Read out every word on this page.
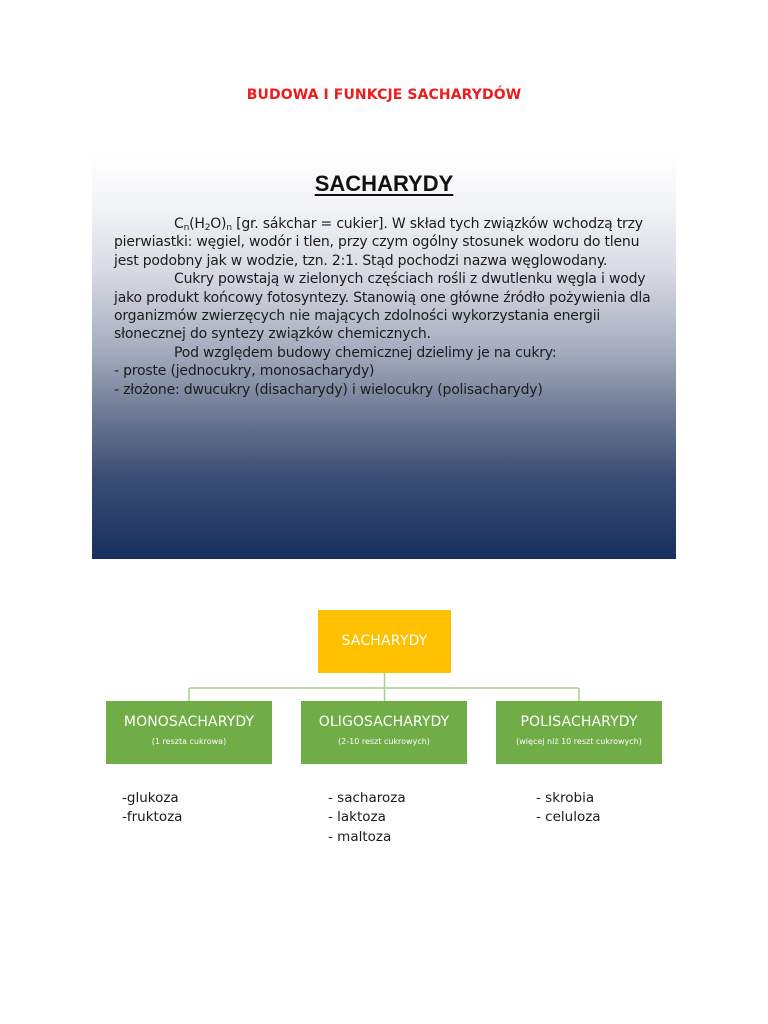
BUDOWA I FUNKCJE SACHARYDÓW
SACHARYDY

$C_n(H_2O)_n$ [gr. sákchar = cukier]. W skład tych związków wchodzą trzy pierwiastki: węgiel, wodór i tlen, przy czym ogólny stosunek wodoru do tlenu jest podobny jak w wodzie, tzn. 2:1. Stąd pochodzi nazwa węglowodany.

Cukry powstają w zielonych częściach rośli z dwutlenku węgla i wody jako produkt końcowy fotosyntezy. Stanowią one główne źródło pożywienia dla organizmów zwierzęcych nie mających zdolności wykorzystania energii słonecznej do syntezy związków chemicznych.

Pod względem budowy chemicznej dzielimy je na cukry:

- proste (jednocukry, monosacharydy)

- złożone: dwucukry (disacharydy) i wielocukry (polisacharydy)

SACHARYDY
MONOSACHARYDY
(1 reszta cukrowa)
OLIGOSACHARYDY
(2-10 reszt cukrowych)
POLISACHARYDY
(więcej niż 10 reszt cukrowych)
-glukoza
-fruktoza
- sacharoza
- laktoza
- maltoza
- skrobia
- celuloza
